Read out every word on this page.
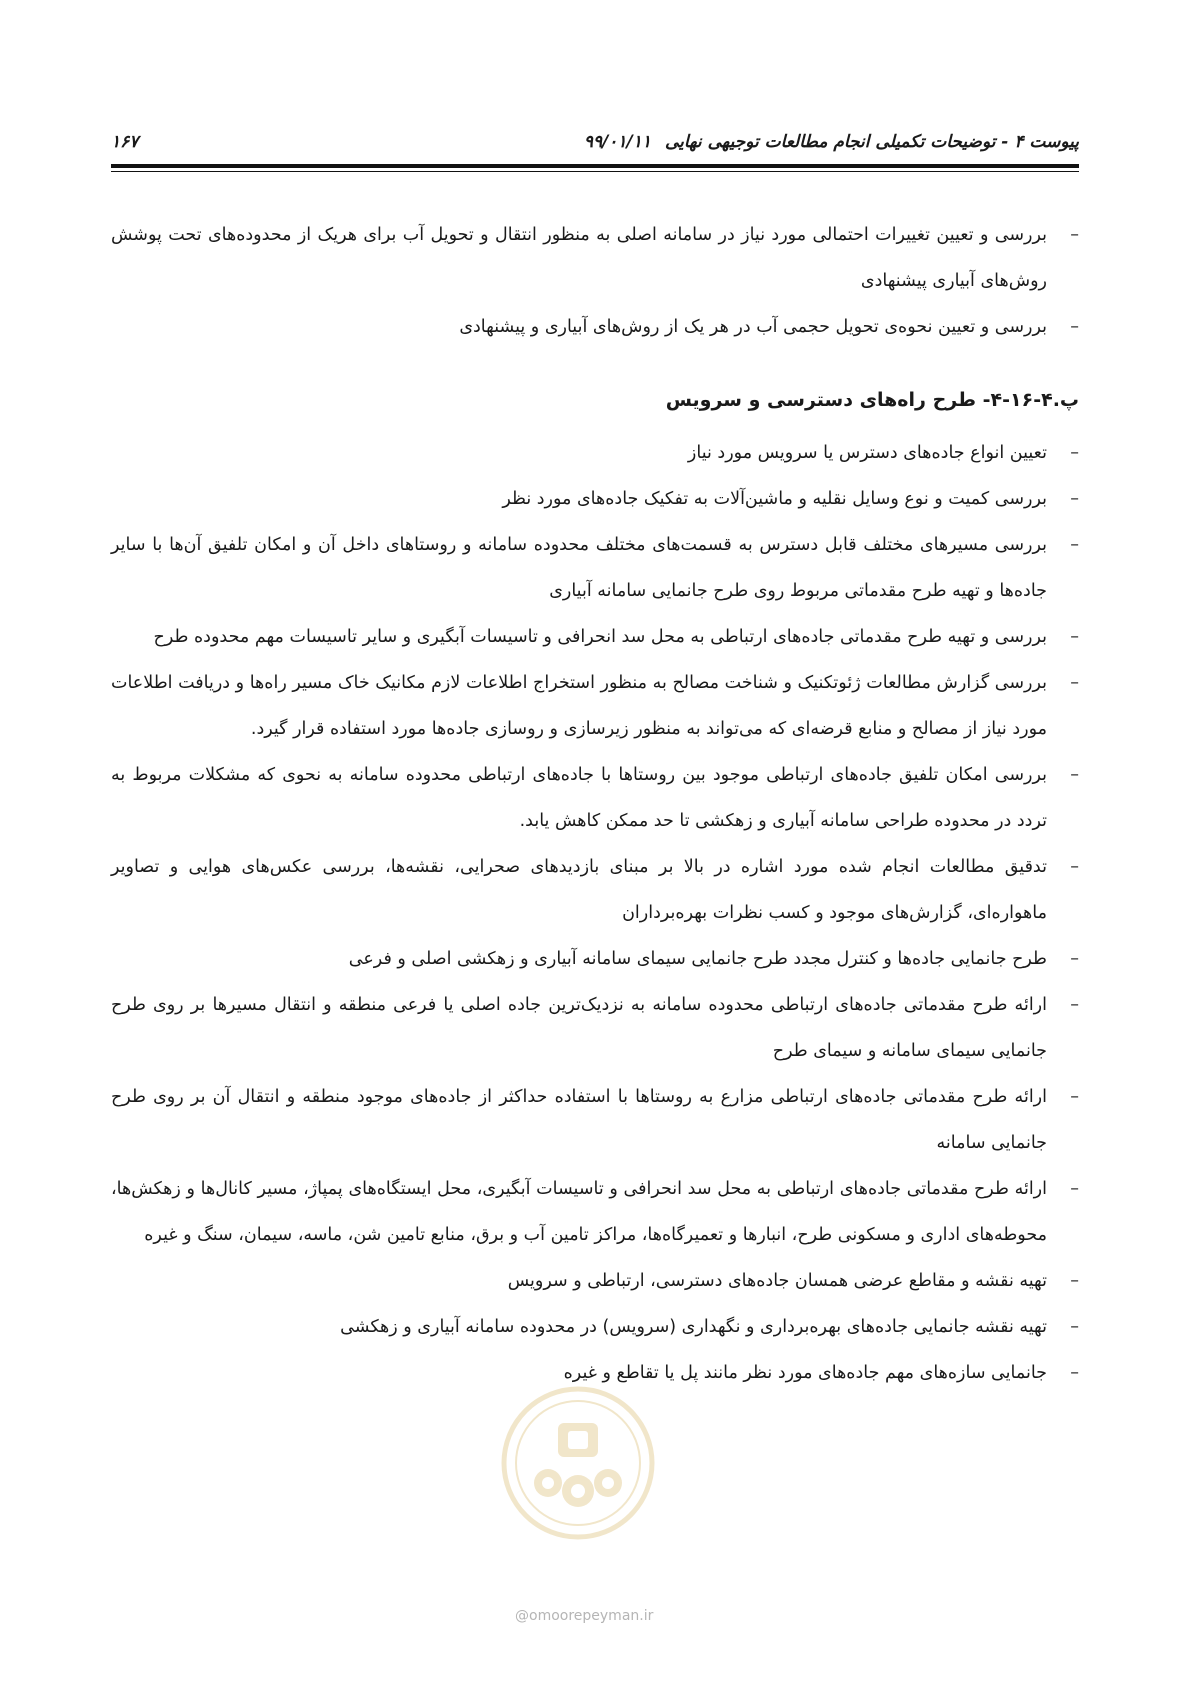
پیوست ۴ - توضیحات تکمیلی انجام مطالعات توجیهی نهایی۹۹/۰۱/۱۱
۱۶۷
–
بررسی و تعیین تغییرات احتمالی مورد نیاز در سامانه اصلی به منظور انتقال و تحویل آب برای هریک از محدوده‌های تحت پوشش روش‌های آبیاری پیشنهادی
–
بررسی و تعیین نحوه‌ی تحویل حجمی آب در هر یک از روش‌های آبیاری و پیشنهادی
پ.۴-۱۶-۴- طرح راه‌های دسترسی و سرویس
–
تعیین انواع جاده‌های دسترس یا سرویس مورد نیاز
–
بررسی کمیت و نوع وسایل نقلیه و ماشین‌آلات به تفکیک جاده‌های مورد نظر
–
بررسی مسیرهای مختلف قابل دسترس به قسمت‌های مختلف محدوده سامانه و روستاهای داخل آن و امکان تلفیق آن‌ها با سایر جاده‌ها و تهیه طرح مقدماتی مربوط روی طرح جانمایی سامانه آبیاری
–
بررسی و تهیه طرح مقدماتی جاده‌های ارتباطی به محل سد انحرافی و تاسیسات آبگیری و سایر تاسیسات مهم محدوده طرح
–
بررسی گزارش مطالعات ژئوتکنیک و شناخت مصالح به منظور استخراج اطلاعات لازم مکانیک خاک مسیر راه‌ها و دریافت اطلاعات مورد نیاز از مصالح و منابع قرضه‌ای که می‌تواند به منظور زیرسازی و روسازی جاده‌ها مورد استفاده قرار گیرد.
–
بررسی امکان تلفیق جاده‌های ارتباطی موجود بین روستاها با جاده‌های ارتباطی محدوده سامانه به نحوی که مشکلات مربوط به تردد در محدوده طراحی سامانه آبیاری و زهکشی تا حد ممکن کاهش یابد.
–
تدقیق مطالعات انجام شده مورد اشاره در بالا بر مبنای بازدیدهای صحرایی، نقشه‌ها، بررسی عکس‌های هوایی و تصاویر ماهواره‌ای، گزارش‌های موجود و کسب نظرات بهره‌برداران
–
طرح جانمایی جاده‌ها و کنترل مجدد طرح جانمایی سیمای سامانه آبیاری و زهکشی اصلی و فرعی
–
ارائه طرح مقدماتی جاده‌های ارتباطی محدوده سامانه به نزدیک‌ترین جاده اصلی یا فرعی منطقه و انتقال مسیرها بر روی طرح جانمایی سیمای سامانه و سیمای طرح
–
ارائه طرح مقدماتی جاده‌های ارتباطی مزارع به روستاها با استفاده حداکثر از جاده‌های موجود منطقه و انتقال آن بر روی طرح جانمایی سامانه
–
ارائه طرح مقدماتی جاده‌های ارتباطی به محل سد انحرافی و تاسیسات آبگیری، محل ایستگاه‌های پمپاژ، مسیر کانال‌ها و زهکش‌ها، محوطه‌های اداری و مسکونی طرح، انبارها و تعمیرگاه‌ها، مراکز تامین آب و برق، منابع تامین شن، ماسه، سیمان، سنگ و غیره
–
تهیه نقشه و مقاطع عرضی همسان جاده‌های دسترسی، ارتباطی و سرویس
–
تهیه نقشه جانمایی جاده‌های بهره‌برداری و نگهداری (سرویس) در محدوده سامانه آبیاری و زهکشی
–
جانمایی سازه‌های مهم جاده‌های مورد نظر مانند پل یا تقاطع و غیره
@omoorepeyman.ir
